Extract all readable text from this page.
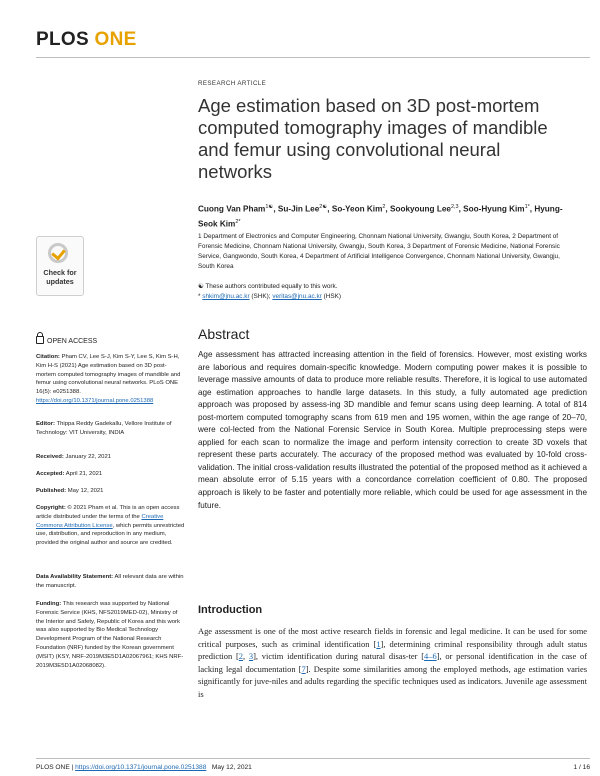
PLOS ONE
RESEARCH ARTICLE
Age estimation based on 3D post-mortem computed tomography images of mandible and femur using convolutional neural networks
Cuong Van Pham$^{1☯}$, Su-Jin Lee$^{2☯}$, So-Yeon Kim$^2$, Sookyoung Lee$^{2,3}$, Soo-Hyung Kim$^{1*}$, Hyung-Seok Kim$^{2*}$
1 Department of Electronics and Computer Engineering, Chonnam National University, Gwangju, South Korea, 2 Department of Forensic Medicine, Chonnam National University, Gwangju, South Korea, 3 Department of Forensic Medicine, National Forensic Service, Gangwondo, South Korea, 4 Department of Artificial Intelligence Convergence, Chonnam National University, Gwangju, South Korea
☯ These authors contributed equally to this work.
* shkim@jnu.ac.kr (SHK); veritas@jnu.ac.kr (HSK)
Check for
updates
OPEN ACCESS
Citation: Pham CV, Lee S-J, Kim S-Y, Lee S, Kim S-H, Kim H-S (2021) Age estimation based on 3D post-mortem computed tomography images of mandible and femur using convolutional neural networks. PLoS ONE 16(5): e0251388. https://doi.org/10.1371/journal.pone.0251388
Editor: Thippa Reddy Gadekallu, Vellore Institute of Technology: VIT University, INDIA
Received: January 22, 2021
Accepted: April 21, 2021
Published: May 12, 2021
Copyright: © 2021 Pham et al. This is an open access article distributed under the terms of the Creative Commons Attribution License, which permits unrestricted use, distribution, and reproduction in any medium, provided the original author and source are credited.
Data Availability Statement: All relevant data are within the manuscript.
Funding: This research was supported by National Forensic Service (KHS, NFS2019MED-02), Ministry of the Interior and Safety, Republic of Korea and this work was also supported by Bio Medical Technology Development Program of the National Research Foundation (NRF) funded by the Korean government (MSIT) (KSY, NRF-2019M3E5D1A02067961; KHS NRF-2019M3E5D1A02068082).
Abstract
Age assessment has attracted increasing attention in the field of forensics. However, most existing works are laborious and requires domain-specific knowledge. Modern computing power makes it is possible to leverage massive amounts of data to produce more reliable results. Therefore, it is logical to use automated age estimation approaches to handle large datasets. In this study, a fully automated age prediction approach was proposed by assess-ing 3D mandible and femur scans using deep learning. A total of 814 post-mortem computed tomography scans from 619 men and 195 women, within the age range of 20–70, were col-lected from the National Forensic Service in South Korea. Multiple preprocessing steps were applied for each scan to normalize the image and perform intensity correction to create 3D voxels that represent these parts accurately. The accuracy of the proposed method was evaluated by 10-fold cross-validation. The initial cross-validation results illustrated the potential of the proposed method as it achieved a mean absolute error of 5.15 years with a concordance correlation coefficient of 0.80. The proposed approach is likely to be faster and potentially more reliable, which could be used for age assessment in the future.
Introduction
Age assessment is one of the most active research fields in forensic and legal medicine. It can be used for some critical purposes, such as criminal identification [1], determining criminal responsibility through adult status prediction [2, 3], victim identification during natural disas-ter [4–6], or personal identification in the case of lacking legal documentation [7]. Despite some similarities among the employed methods, age estimation varies significantly for juve-niles and adults regarding the specific techniques used as indicators. Juvenile age assessment is
PLOS ONE | https://doi.org/10.1371/journal.pone.0251388 May 12, 2021	1 / 16
